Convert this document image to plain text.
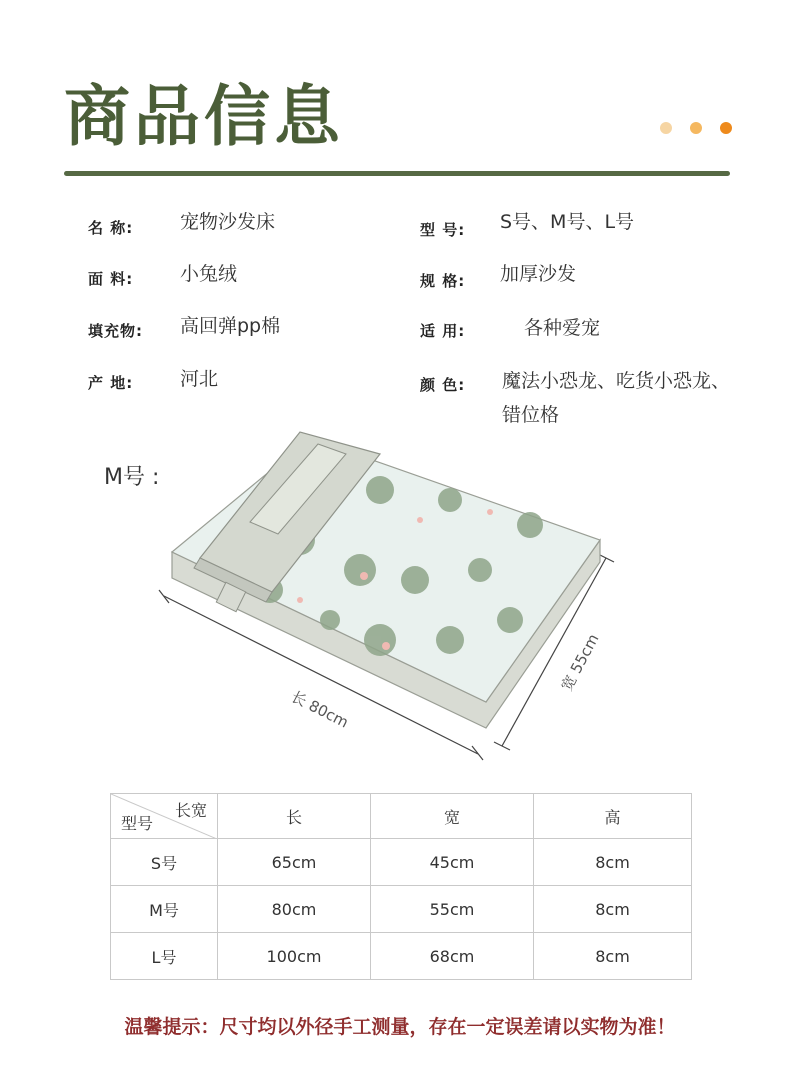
商品信息
名 称: 宠物沙发床	型 号: S号、M号、L号
面 料: 小兔绒	规 格: 加厚沙发
填充物: 高回弹pp棉	适 用:	各种爱宠
产 地: 河北	颜 色: 魔法小恐龙、吃货小恐龙、错位格
M号 :
长 80cm
宽 55cm
长宽
型号	长	宽	高
S号	65cm	45cm	8cm
M号	80cm	55cm	8cm
L号	100cm	68cm	8cm
温馨提示：尺寸均以外径手工测量，存在一定误差请以实物为准！
